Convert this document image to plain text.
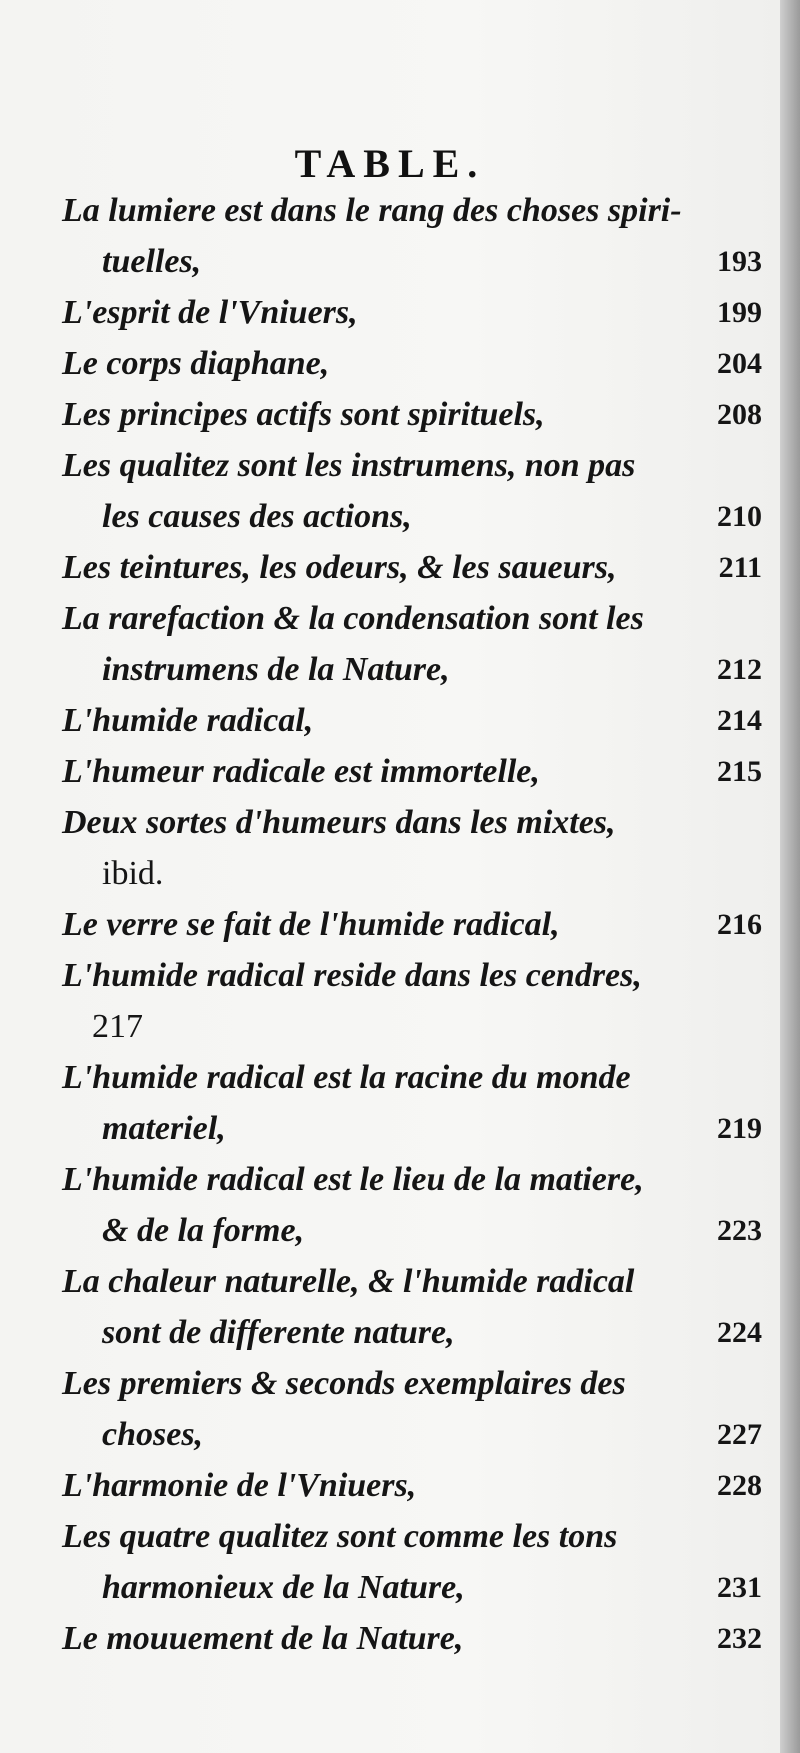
TABLE.
La lumiere est dans le rang des choses spiri-
tuelles,	193
L'esprit de l'Vniuers,	199
Le corps diaphane,	204
Les principes actifs sont spirituels,	208
Les qualitez sont les instrumens, non pas
les causes des actions,	210
Les teintures, les odeurs, & les saueurs,	211
La rarefaction & la condensation sont les
instrumens de la Nature,	212
L'humide radical,	214
L'humeur radicale est immortelle,	215
Deux sortes d'humeurs dans les mixtes,
ibid.
Le verre se fait de l'humide radical,	216
L'humide radical reside dans les cendres,
217
L'humide radical est la racine du monde
materiel,	219
L'humide radical est le lieu de la matiere,
& de la forme,	223
La chaleur naturelle, & l'humide radical
sont de differente nature,	224
Les premiers & seconds exemplaires des
choses,	227
L'harmonie de l'Vniuers,	228
Les quatre qualitez sont comme les tons
harmonieux de la Nature,	231
Le mouuement de la Nature,	232
